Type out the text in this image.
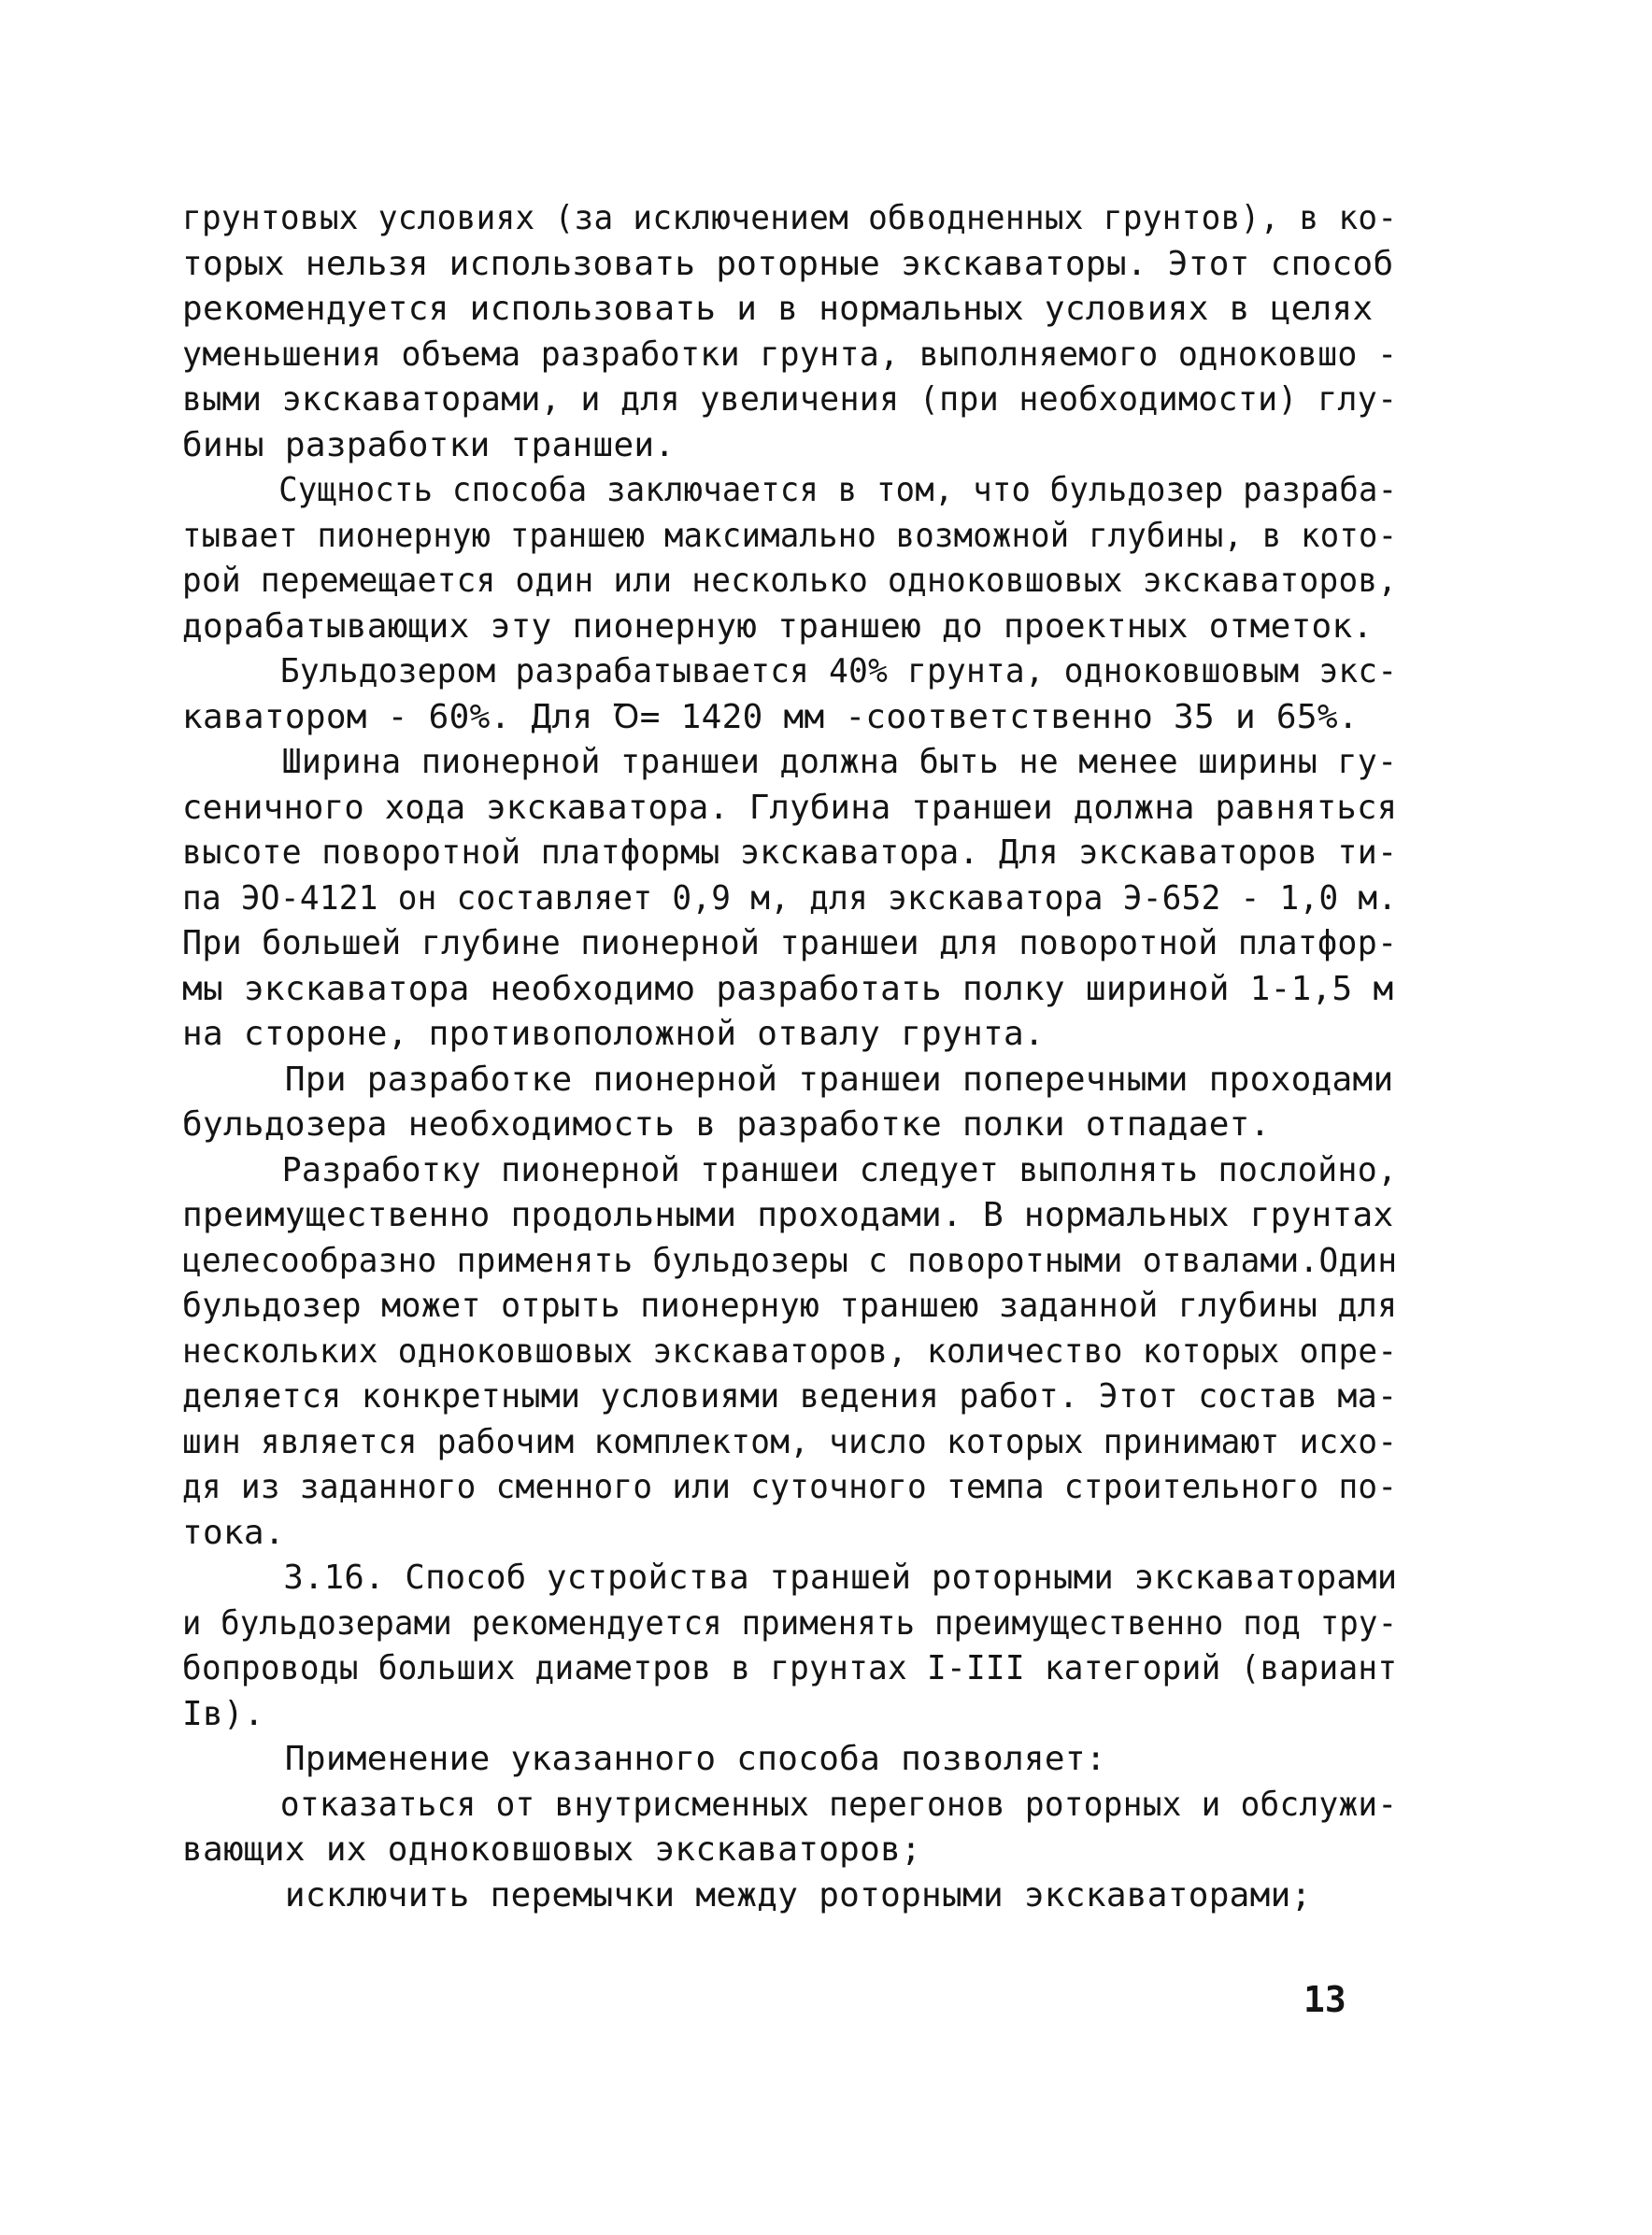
грунтовых условиях (за исключением обводненных грунтов), в ко-
торых нельзя использовать роторные экскаваторы. Этот способ
рекомендуется использовать и в нормальных условиях в целях
уменьшения объема разработки грунта, выполняемого одноковшо -
выми экскаваторами, и для увеличения (при необходимости) глу-
бины разработки траншеи.
Сущность способа заключается в том, что бульдозер разраба-
тывает пионерную траншею максимально возможной глубины, в кото-
рой перемещается один или несколько одноковшовых экскаваторов,
дорабатывающих эту пионерную траншею до проектных отметок.
Бульдозером разрабатывается 40% грунта, одноковшовым экс-
каватором - 60%. Для Ꝺ= 1420 мм -соответственно 35 и 65%.
Ширина пионерной траншеи должна быть не менее ширины гу-
сеничного хода экскаватора. Глубина траншеи должна равняться
высоте поворотной платформы экскаватора. Для экскаваторов ти-
па ЭО-4121 он составляет 0,9 м, для экскаватора Э-652 - 1,0 м.
При большей глубине пионерной траншеи для поворотной платфор-
мы экскаватора необходимо разработать полку шириной 1-1,5 м
на стороне, противоположной отвалу грунта.
При разработке пионерной траншеи поперечными проходами
бульдозера необходимость в разработке полки отпадает.
Разработку пионерной траншеи следует выполнять послойно,
преимущественно продольными проходами. В нормальных грунтах
целесообразно применять бульдозеры с поворотными отвалами.Один
бульдозер может отрыть пионерную траншею заданной глубины для
нескольких одноковшовых экскаваторов, количество которых опре-
деляется конкретными условиями ведения работ. Этот состав ма-
шин является рабочим комплектом, число которых принимают исхо-
дя из заданного сменного или суточного темпа строительного по-
тока.
3.16. Способ устройства траншей роторными экскаваторами
и бульдозерами рекомендуется применять преимущественно под тру-
бопроводы больших диаметров в грунтах I-III категорий (вариант
Iв).
Применение указанного способа позволяет:
отказаться от внутрисменных перегонов роторных и обслужи-
вающих их одноковшовых экскаваторов;
исключить перемычки между роторными экскаваторами;
13
